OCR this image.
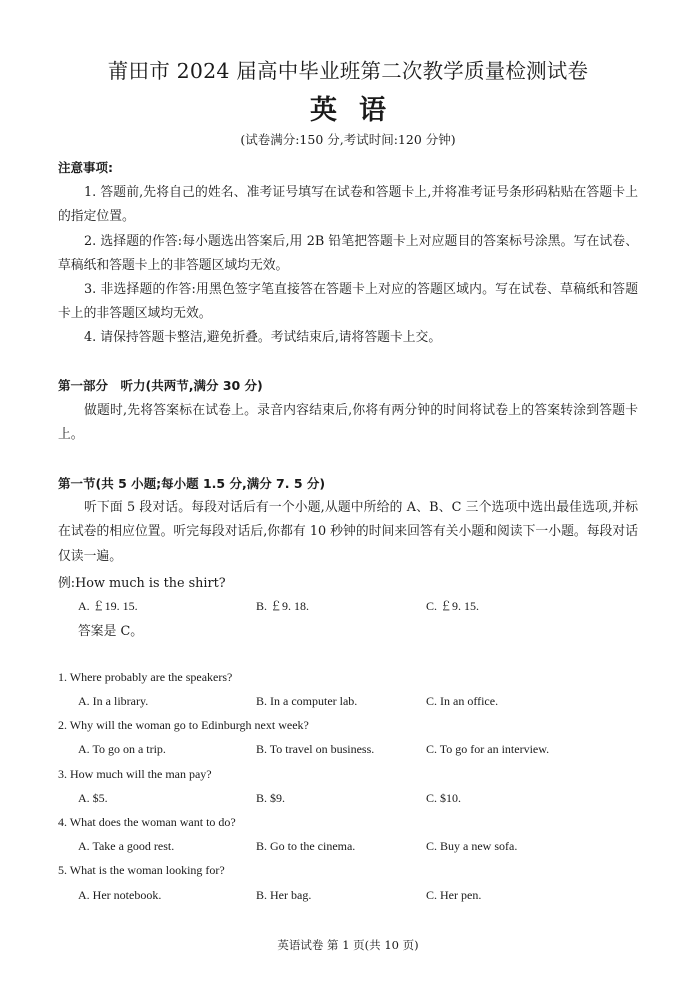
莆田市 2024 届高中毕业班第二次教学质量检测试卷
英语
(试卷满分:150 分,考试时间:120 分钟)
注意事项:
1. 答题前,先将自己的姓名、准考证号填写在试卷和答题卡上,并将准考证号条形码粘贴在答题卡上的指定位置。
2. 选择题的作答:每小题选出答案后,用 2B 铅笔把答题卡上对应题目的答案标号涂黑。写在试卷、草稿纸和答题卡上的非答题区域均无效。
3. 非选择题的作答:用黑色签字笔直接答在答题卡上对应的答题区域内。写在试卷、草稿纸和答题卡上的非答题区域均无效。
4. 请保持答题卡整洁,避免折叠。考试结束后,请将答题卡上交。
第一部分　听力(共两节,满分 30 分)
做题时,先将答案标在试卷上。录音内容结束后,你将有两分钟的时间将试卷上的答案转涂到答题卡上。
第一节(共 5 小题;每小题 1.5 分,满分 7. 5 分)
听下面 5 段对话。每段对话后有一个小题,从题中所给的 A、B、C 三个选项中选出最佳选项,并标在试卷的相应位置。听完每段对话后,你都有 10 秒钟的时间来回答有关小题和阅读下一小题。每段对话仅读一遍。
例:How much is the shirt?
A. ￡19. 15.	B. ￡9. 18.	C. ￡9. 15.
答案是 C。
1. Where probably are the speakers?
A. In a library.	B. In a computer lab.	C. In an office.
2. Why will the woman go to Edinburgh next week?
A. To go on a trip.	B. To travel on business.	C. To go for an interview.
3. How much will the man pay?
A. $5.	B. $9.	C. $10.
4. What does the woman want to do?
A. Take a good rest.	B. Go to the cinema.	C. Buy a new sofa.
5. What is the woman looking for?
A. Her notebook.	B. Her bag.	C. Her pen.
英语试卷 第 1 页(共 10 页)
